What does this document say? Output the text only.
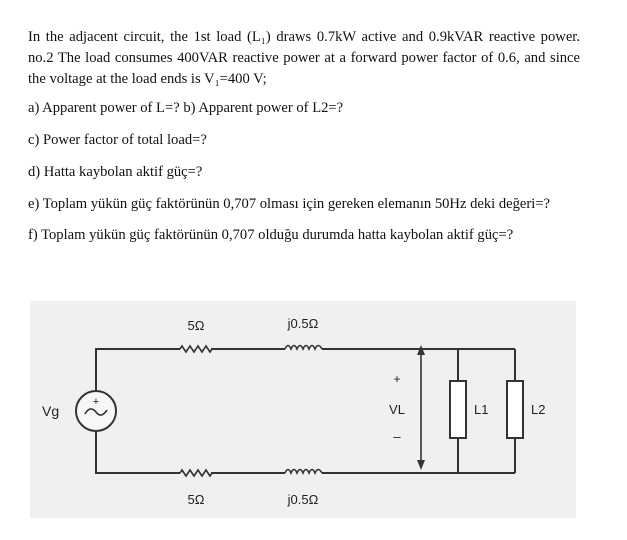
In the adjacent circuit, the 1st load (L₁) draws 0.7kW active and 0.9kVAR reactive power. no.2 The load consumes 400VAR reactive power at a forward power factor of 0.6, and since the voltage at the load ends is V₁=400 V;

a) Apparent power of L=? b) Apparent power of L2=?

c) Power factor of total load=?

d) Hatta kaybolan aktif güç=?

e) Toplam yükün güç faktörünün 0,707 olması için gereken elemanın 50Hz deki değeri=?

f) Toplam yükün güç faktörünün 0,707 olduğu durumda hatta kaybolan aktif güç=?

+
Vg
5Ω	j0.5Ω
5Ω	j0.5Ω
+
VL
–
L1	L2
